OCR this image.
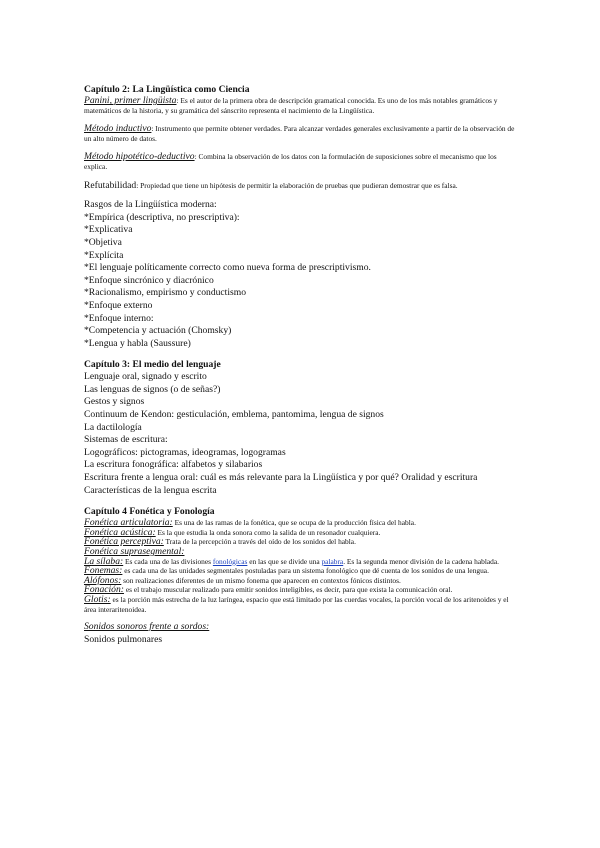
Capítulo 2: La Lingüística como Ciencia

Panini, primer lingüista: Es el autor de la primera obra de descripción gramatical conocida. Es uno de los más notables gramáticos y matemáticos de la historia, y su gramática del sánscrito representa el nacimiento de la Lingüística.

Método inductivo: Instrumento que permite obtener verdades. Para alcanzar verdades generales exclusivamente a partir de la observación de un alto número de datos.

Método hipotético-deductivo: Combina la observación de los datos con la formulación de suposiciones sobre el mecanismo que los explica.

Refutabilidad: Propiedad que tiene un hipótesis de permitir la elaboración de pruebas que pudieran demostrar que es falsa.

Rasgos de la Lingüística moderna:

*Empírica (descriptiva, no prescriptiva):

*Explicativa

*Objetiva

*Explícita

*El lenguaje políticamente correcto como nueva forma de prescriptivismo.

*Enfoque sincrónico y diacrónico

*Racionalismo, empirismo y conductismo

*Enfoque externo

*Enfoque interno:

*Competencia y actuación (Chomsky)

*Lengua y habla (Saussure)

Capítulo 3: El medio del lenguaje

Lenguaje oral, signado y escrito

Las lenguas de signos (o de señas?)

Gestos y signos

Continuum de Kendon: gesticulación, emblema, pantomima, lengua de signos

La dactilología

Sistemas de escritura:

Logográficos: pictogramas, ideogramas, logogramas

La escritura fonográfica: alfabetos y silabarios

Escritura frente a lengua oral: cuál es más relevante para la Lingüística y por qué? Oralidad y escritura

Características de la lengua escrita

Capítulo 4 Fonética y Fonología

Fonética articulatoria: Es una de las ramas de la fonética, que se ocupa de la producción física del habla.

Fonética acústica: Es la que estudia la onda sonora como la salida de un resonador cualquiera.

Fonética perceptiva: Trata de la percepción a través del oído de los sonidos del habla.

Fonética suprasegmental:

La sílaba: Es cada una de las divisiones fonológicas en las que se divide una palabra. Es la segunda menor división de la cadena hablada.

Fonemas: es cada una de las unidades segmentales postuladas para un sistema fonológico que dé cuenta de los sonidos de una lengua.

Alófonos: son realizaciones diferentes de un mismo fonema que aparecen en contextos fónicos distintos.

Fonación: es el trabajo muscular realizado para emitir sonidos inteligibles, es decir, para que exista la comunicación oral.

Glotis: es la porción más estrecha de la luz laríngea, espacio que está limitado por las cuerdas vocales, la porción vocal de los aritenoides y el área interaritenoidea.

Sonidos sonoros frente a sordos:

Sonidos pulmonares
